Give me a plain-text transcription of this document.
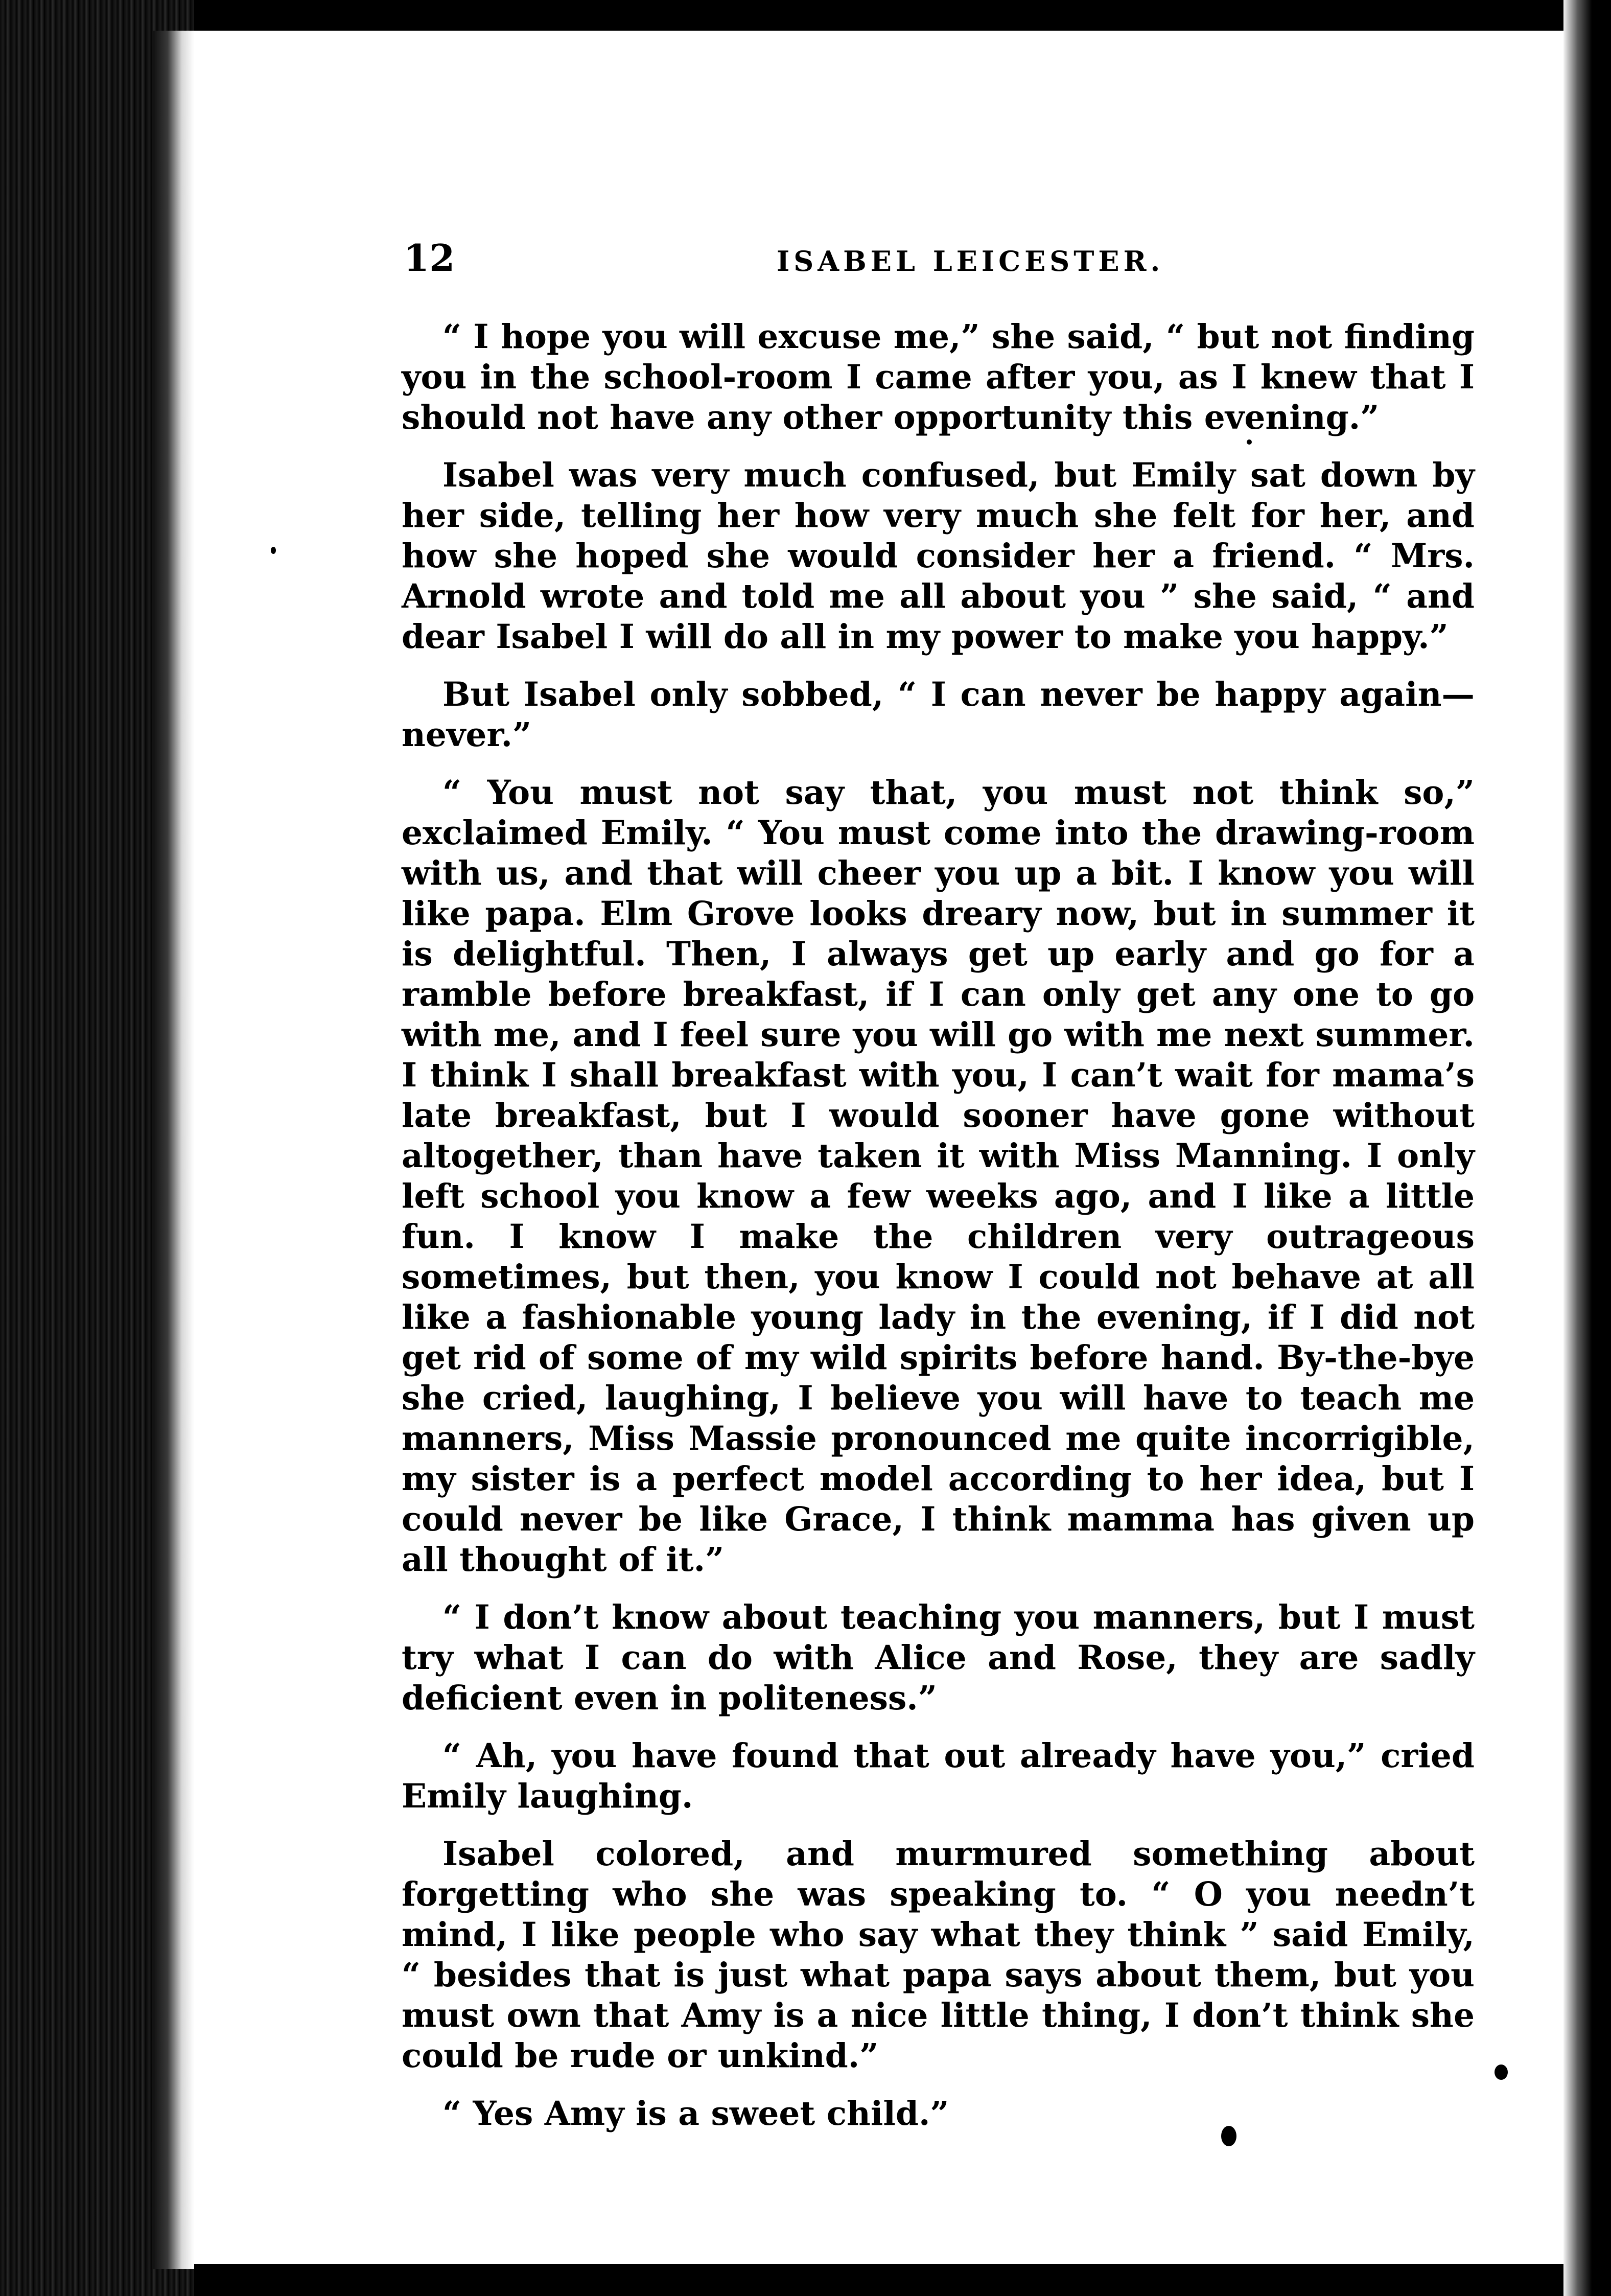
12	ISABEL LEICESTER.

“ I hope you will excuse me,” she said, “ but not finding you in the school-room I came after you, as I knew that I should not have any other opportunity this evening.”

Isabel was very much confused, but Emily sat down by her side, telling her how very much she felt for her, and how she hoped she would consider her a friend. “ Mrs. Arnold wrote and told me all about you ” she said, “ and dear Isabel I will do all in my power to make you happy.”

But Isabel only sobbed, “ I can never be happy again—never.”

“ You must not say that, you must not think so,” exclaimed Emily. “ You must come into the drawing-room with us, and that will cheer you up a bit. I know you will like papa. Elm Grove looks dreary now, but in summer it is delightful. Then, I always get up early and go for a ramble before breakfast, if I can only get any one to go with me, and I feel sure you will go with me next summer. I think I shall breakfast with you, I can’t wait for mama’s late breakfast, but I would sooner have gone without altogether, than have taken it with Miss Manning. I only left school you know a few weeks ago, and I like a little fun. I know I make the children very outrageous sometimes, but then, you know I could not behave at all like a fashionable young lady in the evening, if I did not get rid of some of my wild spirits before hand. By-the-bye she cried, laughing, I believe you will have to teach me manners, Miss Massie pronounced me quite incorrigible, my sister is a perfect model according to her idea, but I could never be like Grace, I think mamma has given up all thought of it.”

“ I don’t know about teaching you manners, but I must try what I can do with Alice and Rose, they are sadly deficient even in politeness.”

“ Ah, you have found that out already have you,” cried Emily laughing.

Isabel colored, and murmured something about forgetting who she was speaking to. “ O you needn’t mind, I like people who say what they think ” said Emily, “ besides that is just what papa says about them, but you must own that Amy is a nice little thing, I don’t think she could be rude or unkind.”

“ Yes Amy is a sweet child.”
